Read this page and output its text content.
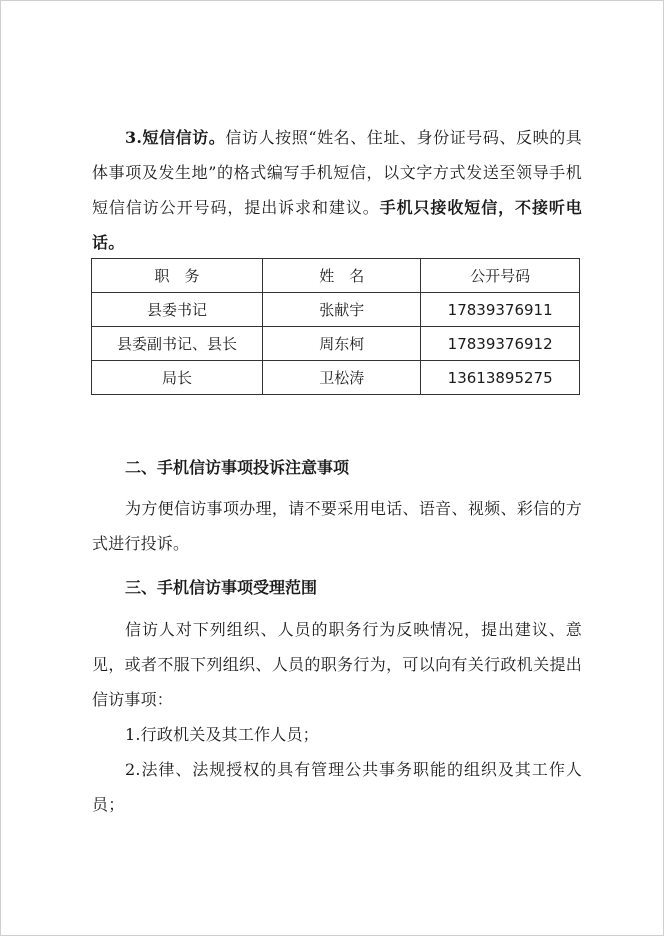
3.短信信访。信访人按照“姓名、住址、身份证号码、反映的具体事项及发生地”的格式编写手机短信，以文字方式发送至领导手机短信信访公开号码，提出诉求和建议。手机只接收短信，不接听电话。
职　务	姓　名	公开号码
县委书记	张献宇	17839376911
县委副书记、县长	周东柯	17839376912
局长	卫松涛	13613895275
二、手机信访事项投诉注意事项
为方便信访事项办理，请不要采用电话、语音、视频、彩信的方式进行投诉。
三、手机信访事项受理范围
信访人对下列组织、人员的职务行为反映情况，提出建议、意见，或者不服下列组织、人员的职务行为，可以向有关行政机关提出信访事项：
1.行政机关及其工作人员；
2.法律、法规授权的具有管理公共事务职能的组织及其工作人员；
